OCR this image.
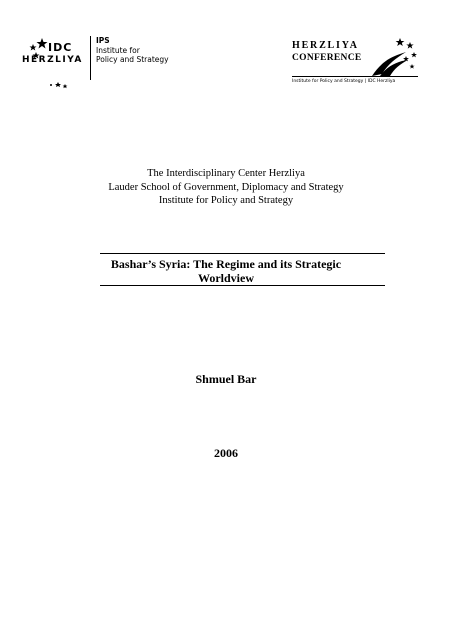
IDC
HERZLIYA
IPS
Institute for
Policy and Strategy
HERZLIYA
CONFERENCE
Institute for Policy and Strategy | IDC Herzliya
The Interdisciplinary Center Herzliya
Lauder School of Government, Diplomacy and Strategy
Institute for Policy and Strategy
Bashar’s Syria: The Regime and its Strategic
Worldview
Shmuel Bar
2006
